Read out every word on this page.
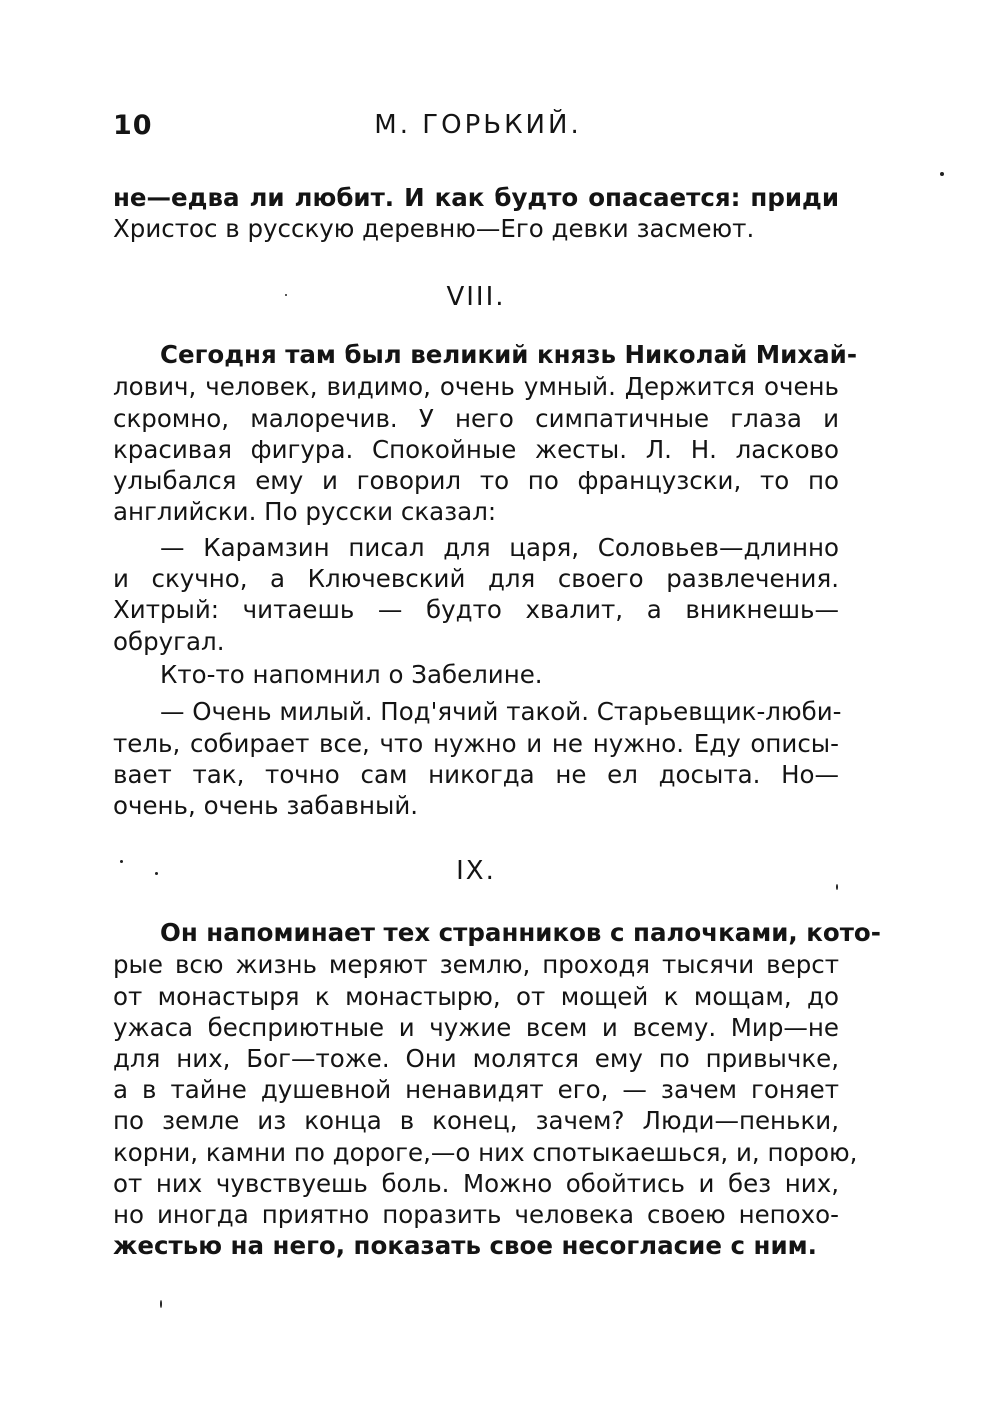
10	М. ГОРЬКИЙ.
не—едва ли любит. И как будто опасается: приди
Христос в русскую деревню—Его девки засмеют.
VIII.
Сегодня там был великий князь Николай Михай-
лович, человек, видимо, очень умный. Держится очень
скромно, малоречив. У него симпатичные глаза и
красивая фигура. Спокойные жесты. Л. Н. ласково
улыбался ему и говорил то по французски, то по
английски. По русски сказал:
— Карамзин писал для царя, Соловьев—длинно
и скучно, а Ключевский для своего развлечения.
Хитрый: читаешь — будто хвалит, а вникнешь—
обругал.
Кто-то напомнил о Забелине.
— Очень милый. Под'ячий такой. Старьевщик-люби-
тель, собирает все, что нужно и не нужно. Еду описы-
вает так, точно сам никогда не ел досыта. Но—
очень, очень забавный.
IX.
Он напоминает тех странников с палочками, кото-
рые всю жизнь меряют землю, проходя тысячи верст
от монастыря к монастырю, от мощей к мощам, до
ужаса бесприютные и чужие всем и всему. Мир—не
для них, Бог—тоже. Они молятся ему по привычке,
а в тайне душевной ненавидят его, — зачем гоняет
по земле из конца в конец, зачем? Люди—пеньки,
корни, камни по дороге,—о них спотыкаешься, и, порою,
от них чувствуешь боль. Можно обойтись и без них,
но иногда приятно поразить человека своею непохо-
жестью на него, показать свое несогласие с ним.
